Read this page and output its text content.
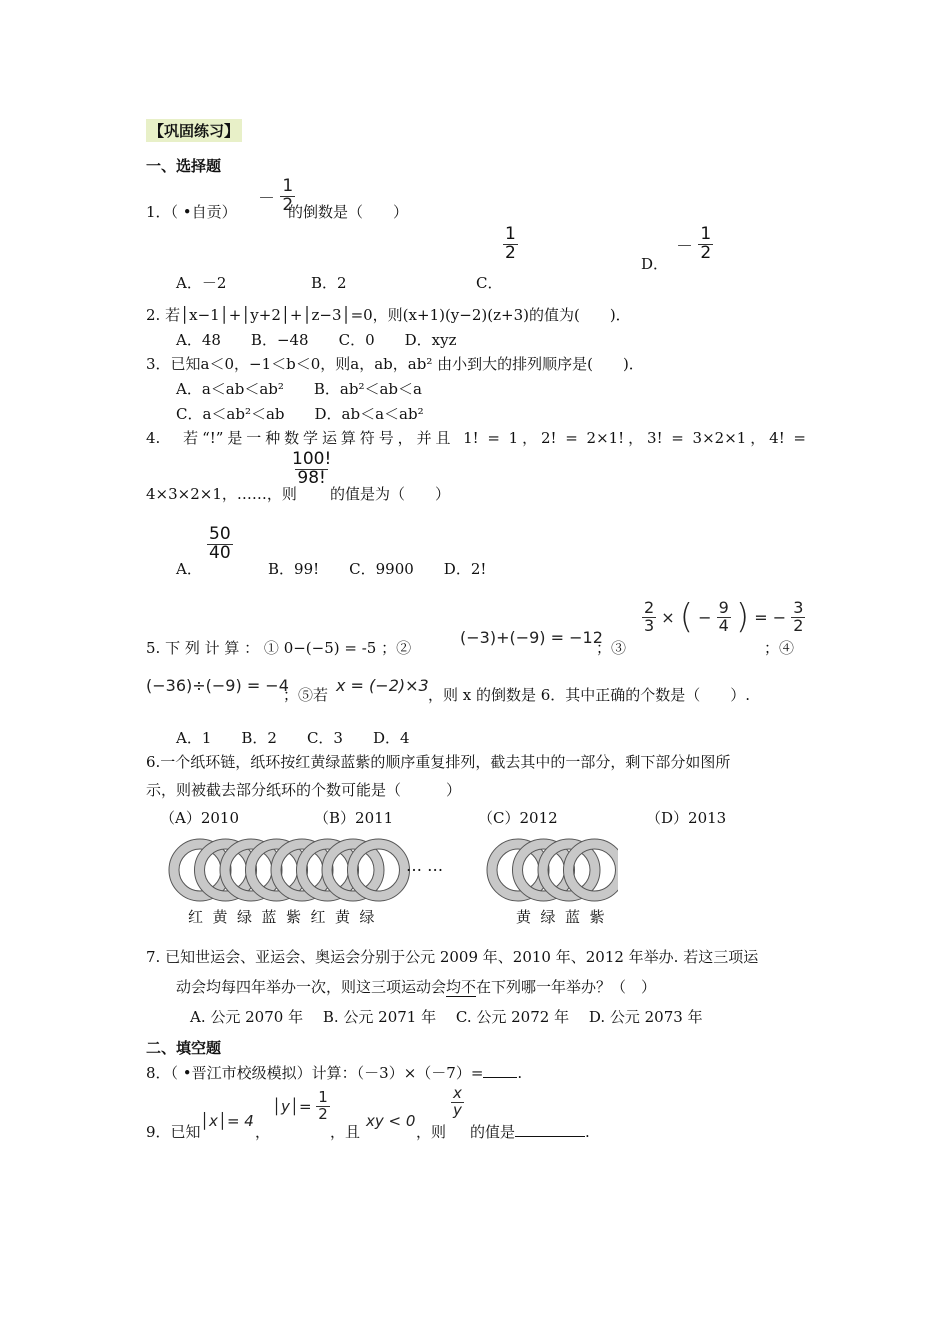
【巩固练习】
一、选择题
1．（ •自贡）
－ $\frac{1}{2}$
的倒数是（　　）
$\frac{1}{2}$
D．
－ $\frac{1}{2}$
A．－2	B．2	C．
2. 若│x−1│+│y+2│+│z−3│=0，则(x+1)(y−2)(z+3)的值为(　　)．
A．48　　B．−48　　C．0　　D．xyz
3．已知a＜0，−1＜b＜0，则a，ab，ab² 由小到大的排列顺序是(　　)．
A．a＜ab＜ab²　　B．ab²＜ab＜a
C．a＜ab²＜ab　　D．ab＜a＜ab²
4.　若“!”是一种数学运算符号，并且 1! = 1，2! = 2×1!，3! = 3×2×1，4! =
4×3×2×1，……，则
$\frac{100!}{98!}$
的值是为（　　）
A．
$\frac{50}{40}$
B．99!　　C．9900　　D．2!
5. 下 列 计 算 ： ① 0−(−5) = -5 ；②
(−3)+(−9) = −12
；③
$\frac{2}{3}$ × ( − $\frac{9}{4}$ ) = − $\frac{3}{2}$
；④
(−36)÷(−9) = −4
；⑤若 x = (−2)×3 ，则 x 的倒数是 6．其中正确的个数是（　　）.
A．1　　B．2　　C．3　　D．4
6.一个纸环链，纸环按红黄绿蓝紫的顺序重复排列，截去其中的一部分，剩下部分如图所
示，则被截去部分纸环的个数可能是（　　　）
（A）2010	（B）2011	（C）2012	（D）2013
… …
红 黄 绿 蓝 紫 红 黄 绿	黄 绿 蓝 紫
7. 已知世运会、亚运会、奥运会分别于公元 2009 年、2010 年、2012 年举办. 若这三项运
动会均每四年举办一次，则这三项运动会均不在下列哪一年举办？（　）
A. 公元 2070 年　 B. 公元 2071 年　 C. 公元 2072 年　 D. 公元 2073 年
二、填空题
8．（ •晋江市校级模拟）计算：（－3）×（－7）= .
9．已知
│x│= 4
，
│y│= $\frac{1}{2}$
，且
xy < 0
，则
$\frac{x}{y}$
的值是	.
